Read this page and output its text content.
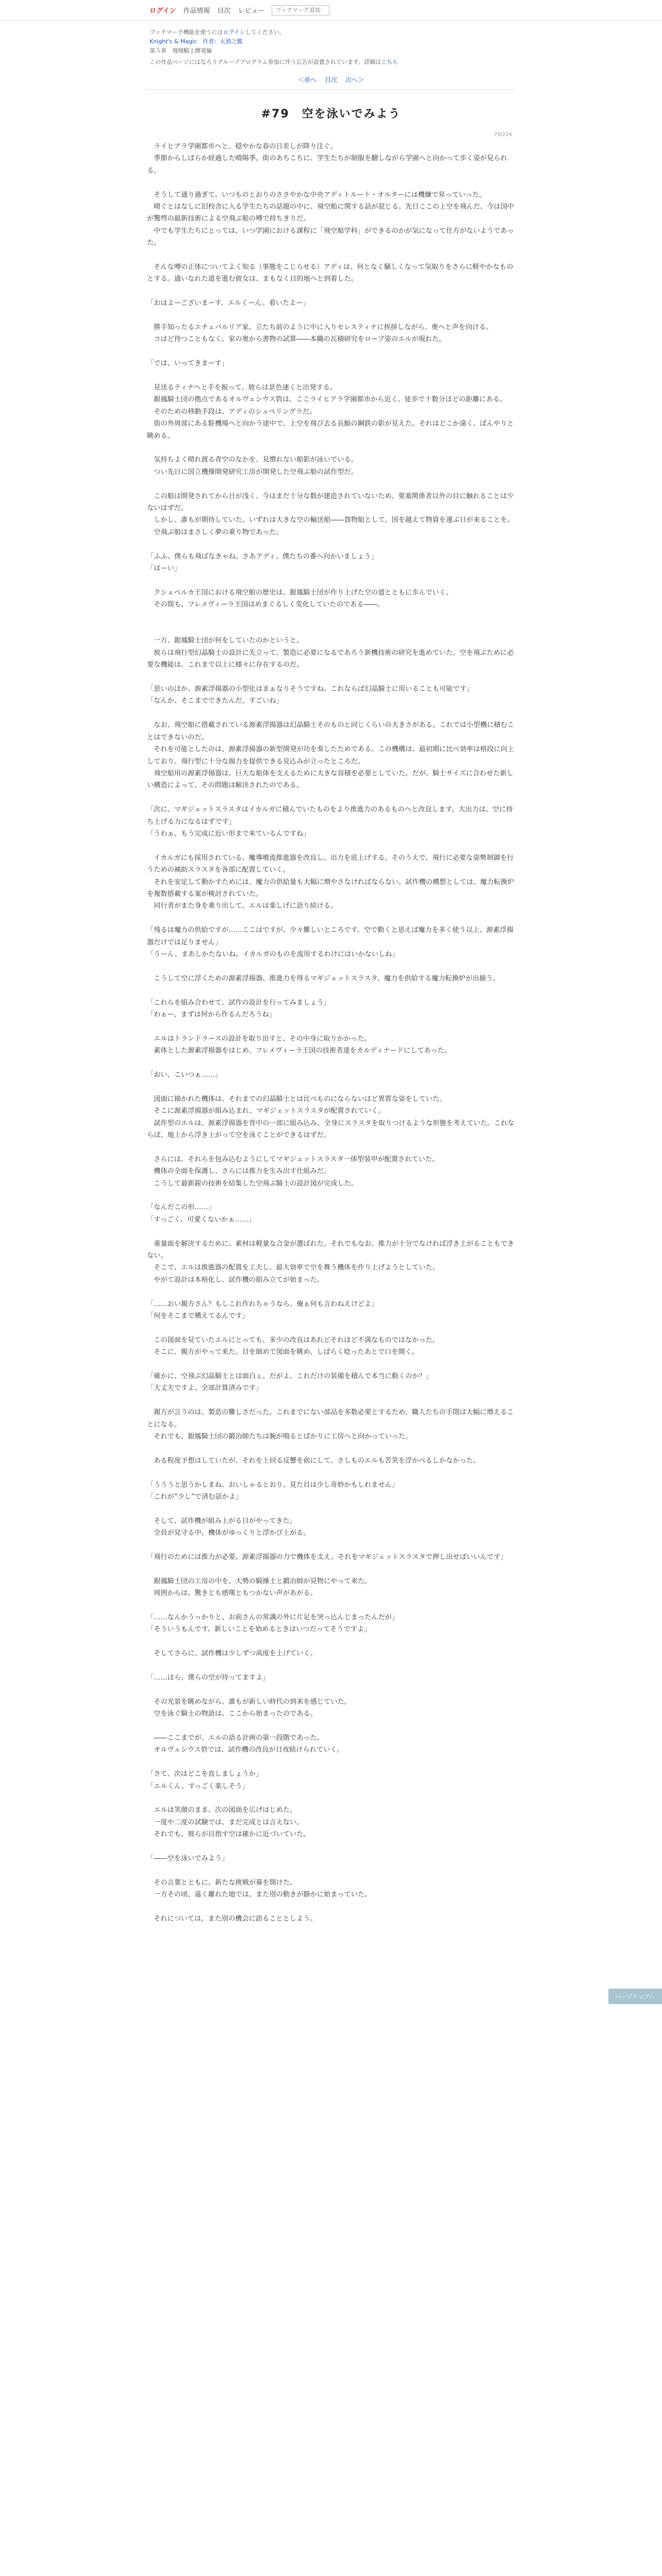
ログイン 作品情報 目次 レビュー
ブックマーク追加
ブックマーク機能を使うにはログインしてください。
Knight's & Magic　作者：天酒之瓢
第５章　飛翔騎士開発編
この作品ページにはなろうグループプログラム参加に伴う広告が設置されています。詳細はこちら
＜前へ 目次 次へ＞
79/224
#79　空を泳いでみよう

　ライヒアラ学園都市へと、穏やかな春の日差しが降り注ぐ。

　季節からしばらか経過した晴陽季。街のあちこちに、学生たちが制服を翻しながら学園へと向かって歩く姿が見られる。

　そうして通り過ぎて、いつものとおりのささやかな中央アディトルート・オルターには機嫌で昇っていった。

　晴ぐとはなしに旧校舎に入る学生たちの話題の中に、飛空船に関する話が混じる。先日ここの上空を飛んだ、今は国中が驚愕の最新技術による空飛ぶ船の噂で持ちきりだ。

　中でも学生たちにとっては、いつ学園における課程に「飛空船学科」ができるのかが気になって仕方がないようであった。

　そんな噂の正体についてよく知る（事態をこじらせる）アディは、何となく騒しくなって気取りをさらに軽やかなものとする。通いなれた道を進む彼女は、まもなく目的地へと到着した。

「おはよーございまーす、エルくーん。着いたよー」

　勝手知ったるエチェバルリア家。立たち前のように中に入りセレスティナに挨拶しながら、奥へと声を向ける。

　コはど待つこともなく、家の奥から書物の試算――本職の瓦積研究をローブ姿のエルが現れた。

「では、いってきまーす」

　見送るティナへと手を振って、彼らは景色速くと出発する。

　銀鳳騎士団の拠点であるオルヴェシウス砦は、ここライヒアラ学園都市から近く、徒歩で十数分ほどの距離にある。

　そのための移動手段は、アディのシュペリングラだ。

　街の外周部にある駐機場へと向かう途中で、上空を飛び去る長鯨の鋼鉄の影が見えた。それはどこか遠く、ぼんやりと眺める。

　気持ちよく晴れ渡る青空のなかを、見慣れない船影が泳いでいる。

　つい先日に国立機操開発研究工房が開発した空飛ぶ船の試作型だ。

　この船は開発されてから日が浅く、今はまだ十分な数が建造されていないため、要塞関係者以外の目に触れることは少ないはずだ。

　しかし、誰もが期待していた。いずれは大きな空の輸送船――貨物船として、国を越えて物資を運ぶ日が来ることを。

　空飛ぶ船はまさしく夢の乗り物であった。

「ふふ、僕らも飛ばなきゃね。さあアディ、僕たちの番へ向かいましょう」

「はーい」

　クシェペルカ王国における飛空船の歴史は、銀鳳騎士団が作り上げた空の道とともに歩んでいく。

　その間も、フレメヴィーラ王国はめまぐるしく変化していたのである――。

　一方、銀鳳騎士団が何をしていたのかというと。

　彼らは飛行型幻晶騎士の設計に先立って、製造に必要になるであろう新機技術の研究を進めていた。空を飛ぶために必要な機能は、これまで以上に様々に存在するのだ。

「思いのほか、源素浮揚器の小型化はまぁなりそうですね。これならば幻晶騎士に用いることも可能です」

「なんか、そこまでできたんだ。すごいね」

　なお、飛空船に搭載されている源素浮揚器は幻晶騎士そのものと同じくらいの大きさがある。これでは小型機に積むことはできないのだ。

　それを可能としたのは、源素浮揚器の新型開発が功を奏したためである。この機構は、最初期に比べ効率は格段に向上しており、飛行型に十分な揚力を提供できる見込みが立ったところだ。

　飛空船用の源素浮揚器は、巨大な船体を支えるために大きな容積を必要としていた。だが、騎士サイズに合わせた新しい構造によって、その問題は解決されたのである。

「次に、マギジェットスラスタはイカルガに積んでいたものをより推進力のあるものへと改良します。大出力は、空に持ち上げる力になるはずです」

「うわぁ、もう完成に近い形まで来ているんですね」

　イカルガにも採用されている、魔導噴流推進器を改良し、出力を底上げする。そのうえで、飛行に必要な姿勢制御を行うための補助スラスタを各部に配置していく。

　それを安定して動かすためには、魔力の供給量も大幅に増やさなければならない。試作機の構想としては、魔力転換炉を複数搭載する案が検討されていた。

　同行者がまた身を乗り出して、エルは楽しげに語り続ける。

「残るは魔力の供給ですが……ここはですが、少々難しいところです。空で動くと思えば魔力を多く使う以上、源素浮揚器だけでは足りません」

「うーん、まあしかたないね。イカルガのものを流用するわけにはいかないしね」

　こうして空に浮くための源素浮揚器、推進力を得るマギジェットスラスタ、魔力を供給する魔力転換炉が出揃う。

「これらを組み合わせて、試作の設計を行ってみましょう」

「わぁー、まずは何から作るんだろうね」

　エルはトランドラースの設計を取り出すと、その中身に取りかかった。

　素体とした源素浮揚器をはじめ、フレメヴィーラ王国の技術者達をカルディナードにしてあった。

「おい、こいつぁ……」

　図面に描かれた機体は、それまでの幻晶騎士とは比べものにならないほど異質な姿をしていた。

　そこに源素浮揚器が組み込まれ、マギジェットスラスタが配置されていく。

　試作型のエルは、源素浮揚器を背中の一部に組み込み、全身にスラスタを取りつけるような形態を考えていた。これならば、地上から浮き上がって空を泳ぐことができるはずだ。

　さらには、それらを包み込むようにしてマギジェットスラスタ一体型装甲が配置されていた。

　機体の全面を保護し、さらには推力を生み出す仕組みだ。

　こうして最新鋭の技術を結集した空飛ぶ騎士の設計図が完成した。

「なんだこの形……」

「すっごく、可愛くないかぁ……」

　重量面を解決するために、素材は軽量な合金が選ばれた。それでもなお、推力が十分でなければ浮き上がることもできない。

　そこで、エルは推進器の配置を工夫し、最大効率で空を舞う機体を作り上げようとしていた。

　やがて設計は本格化し、試作機の組み立てが始まった。

「……おい親方さん？もしこれ作れちゃうなら、俺ぁ何も言わねえけどよ」

「何をそこまで構えてるんです」

　この図面を見ていたエルにとっても、多少の改良はあれどそれほど不満なものではなかった。

　そこに、親方がやって来た。目を細めて図面を眺め、しばらく唸ったあとで口を開く。

「確かに、空飛ぶ幻晶騎士とは面白ぇ。だがよ、これだけの装備を積んで本当に動くのか？」

「大丈夫ですよ。全部計算済みです」

　親方が言うのは、製造の難しさだった。これまでにない部品を多数必要とするため、職人たちの手間は大幅に増えることになる。

　それでも、銀鳳騎士団の鍛冶師たちは腕が鳴るとばかりに工房へと向かっていった。

　ある程度予想はしていたが、それを上回る反響を前にして、さしものエルも苦笑を浮かべるしかなかった。

「うううと思うかしまね、おいしゃるとおり、見た目は少し奇妙かもしれません」

「これが“少し”で済む話かよ」

　そして、試作機が組み上がる日がやってきた。

　全員が見守る中、機体がゆっくりと浮かび上がる。

「飛行のためには推力が必要。源素浮揚器の力で機体を支え、それをマギジェットスラスタで押し出せばいいんです」

　銀鳳騎士団の工房の中を、大勢の騎操士と鍛冶師が見物にやって来た。

　周囲からは、驚きとも感嘆ともつかない声があがる。

「……なんかうっかりと、お前さんの常識の外に片足を突っ込んじまったんだが」

「そういうもんです。新しいことを始めるときはいつだってそうですよ」

　そしてさらに、試作機は少しずつ高度を上げていく。

「……ほら、僕らの空が待ってますよ」

　その光景を眺めながら、誰もが新しい時代の到来を感じていた。

　空を泳ぐ騎士の物語は、ここから始まったのである。

　――ここまでが、エルの語る計画の第一段階であった。

　オルヴェシウス砦では、試作機の改良が日夜続けられていく。

「さて、次はどこを直しましょうか」

「エルくん、すっごく楽しそう」

　エルは笑顔のまま、次の図面を広げはじめた。

　一度や二度の試験では、まだ完成とは言えない。

　それでも、彼らが目指す空は確かに近づいていた。

「――空を泳いでみよう」

　その言葉とともに、新たな挑戦が幕を開けた。

　一方その頃、遠く離れた地では、また別の動きが静かに始まっていた。

　それについては、また別の機会に語ることとしよう。

ページトップへ
